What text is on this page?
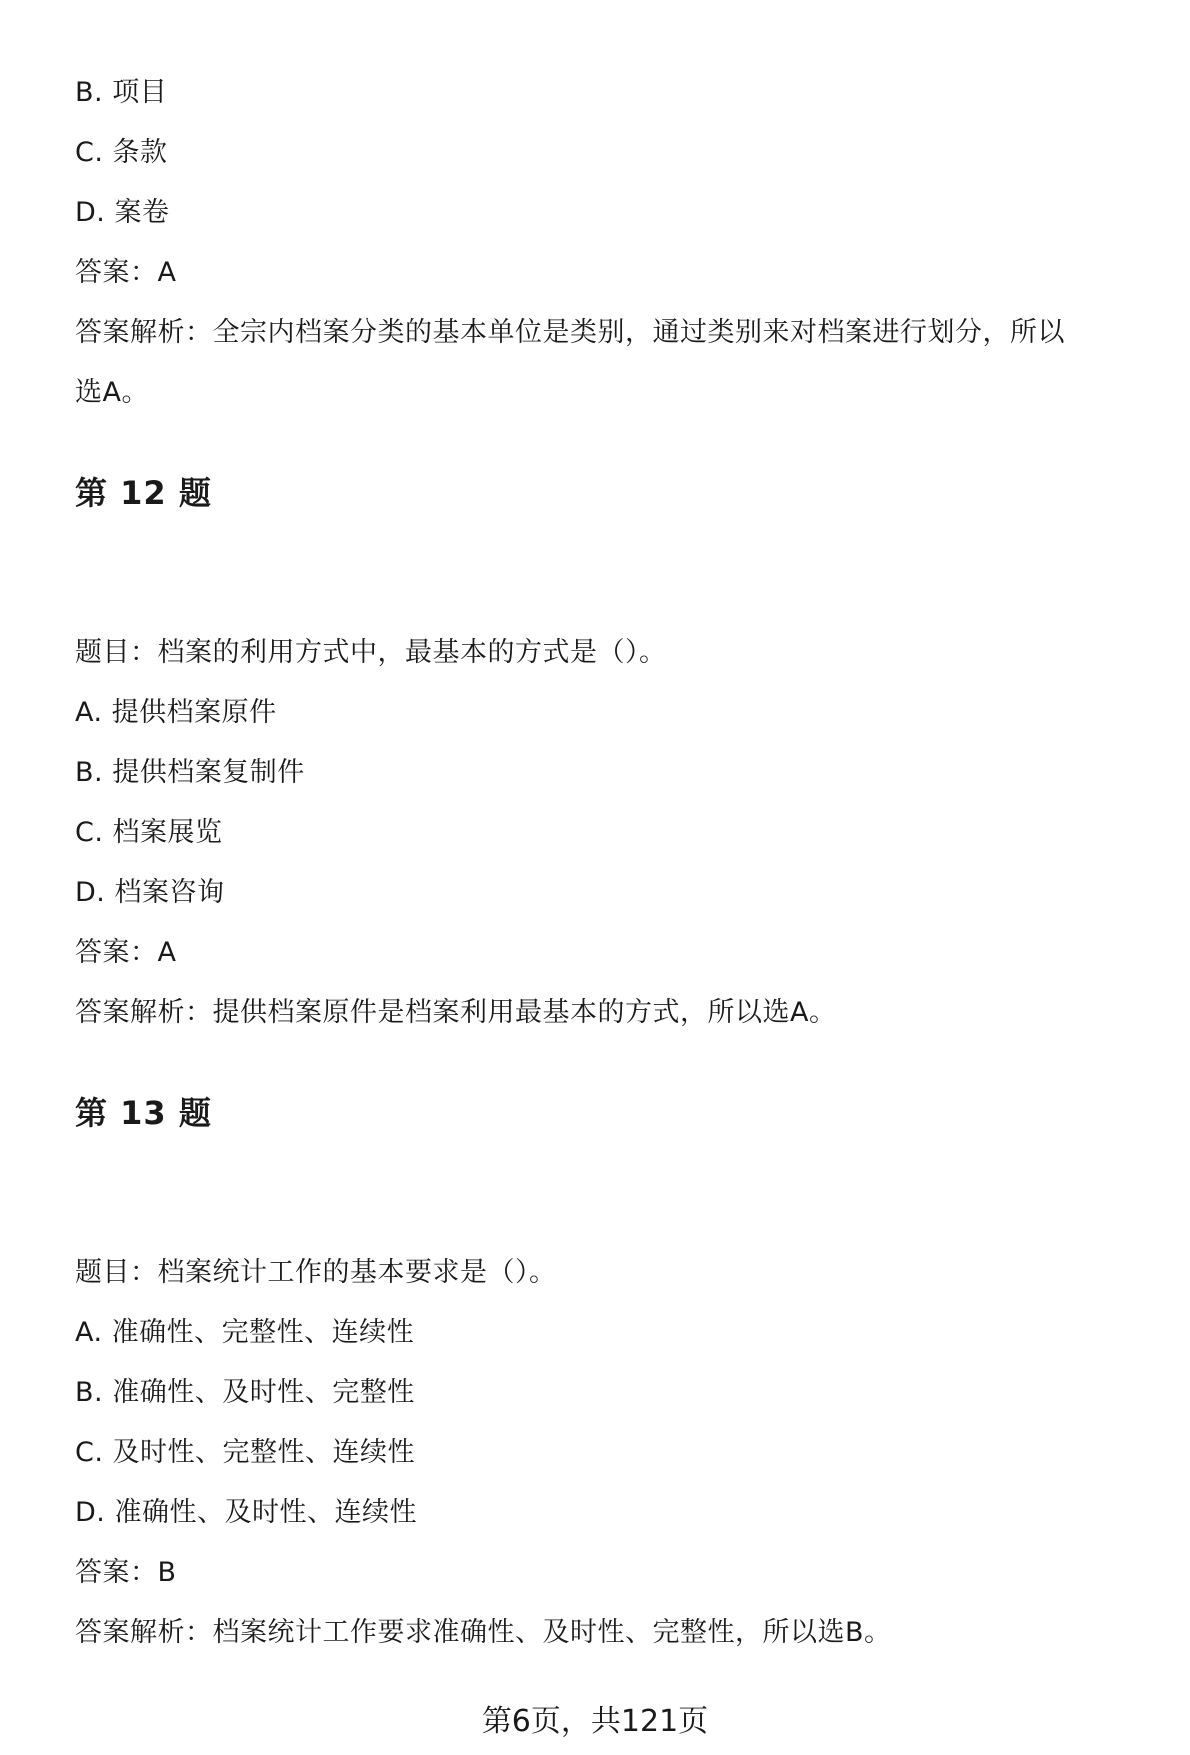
B. 项目
C. 条款
D. 案卷
答案：A
答案解析：全宗内档案分类的基本单位是类别，通过类别来对档案进行划分，所以
选A。
第 12 题
题目：档案的利用方式中，最基本的方式是（）。
A. 提供档案原件
B. 提供档案复制件
C. 档案展览
D. 档案咨询
答案：A
答案解析：提供档案原件是档案利用最基本的方式，所以选A。
第 13 题
题目：档案统计工作的基本要求是（）。
A. 准确性、完整性、连续性
B. 准确性、及时性、完整性
C. 及时性、完整性、连续性
D. 准确性、及时性、连续性
答案：B
答案解析：档案统计工作要求准确性、及时性、完整性，所以选B。
第6页，共121页
